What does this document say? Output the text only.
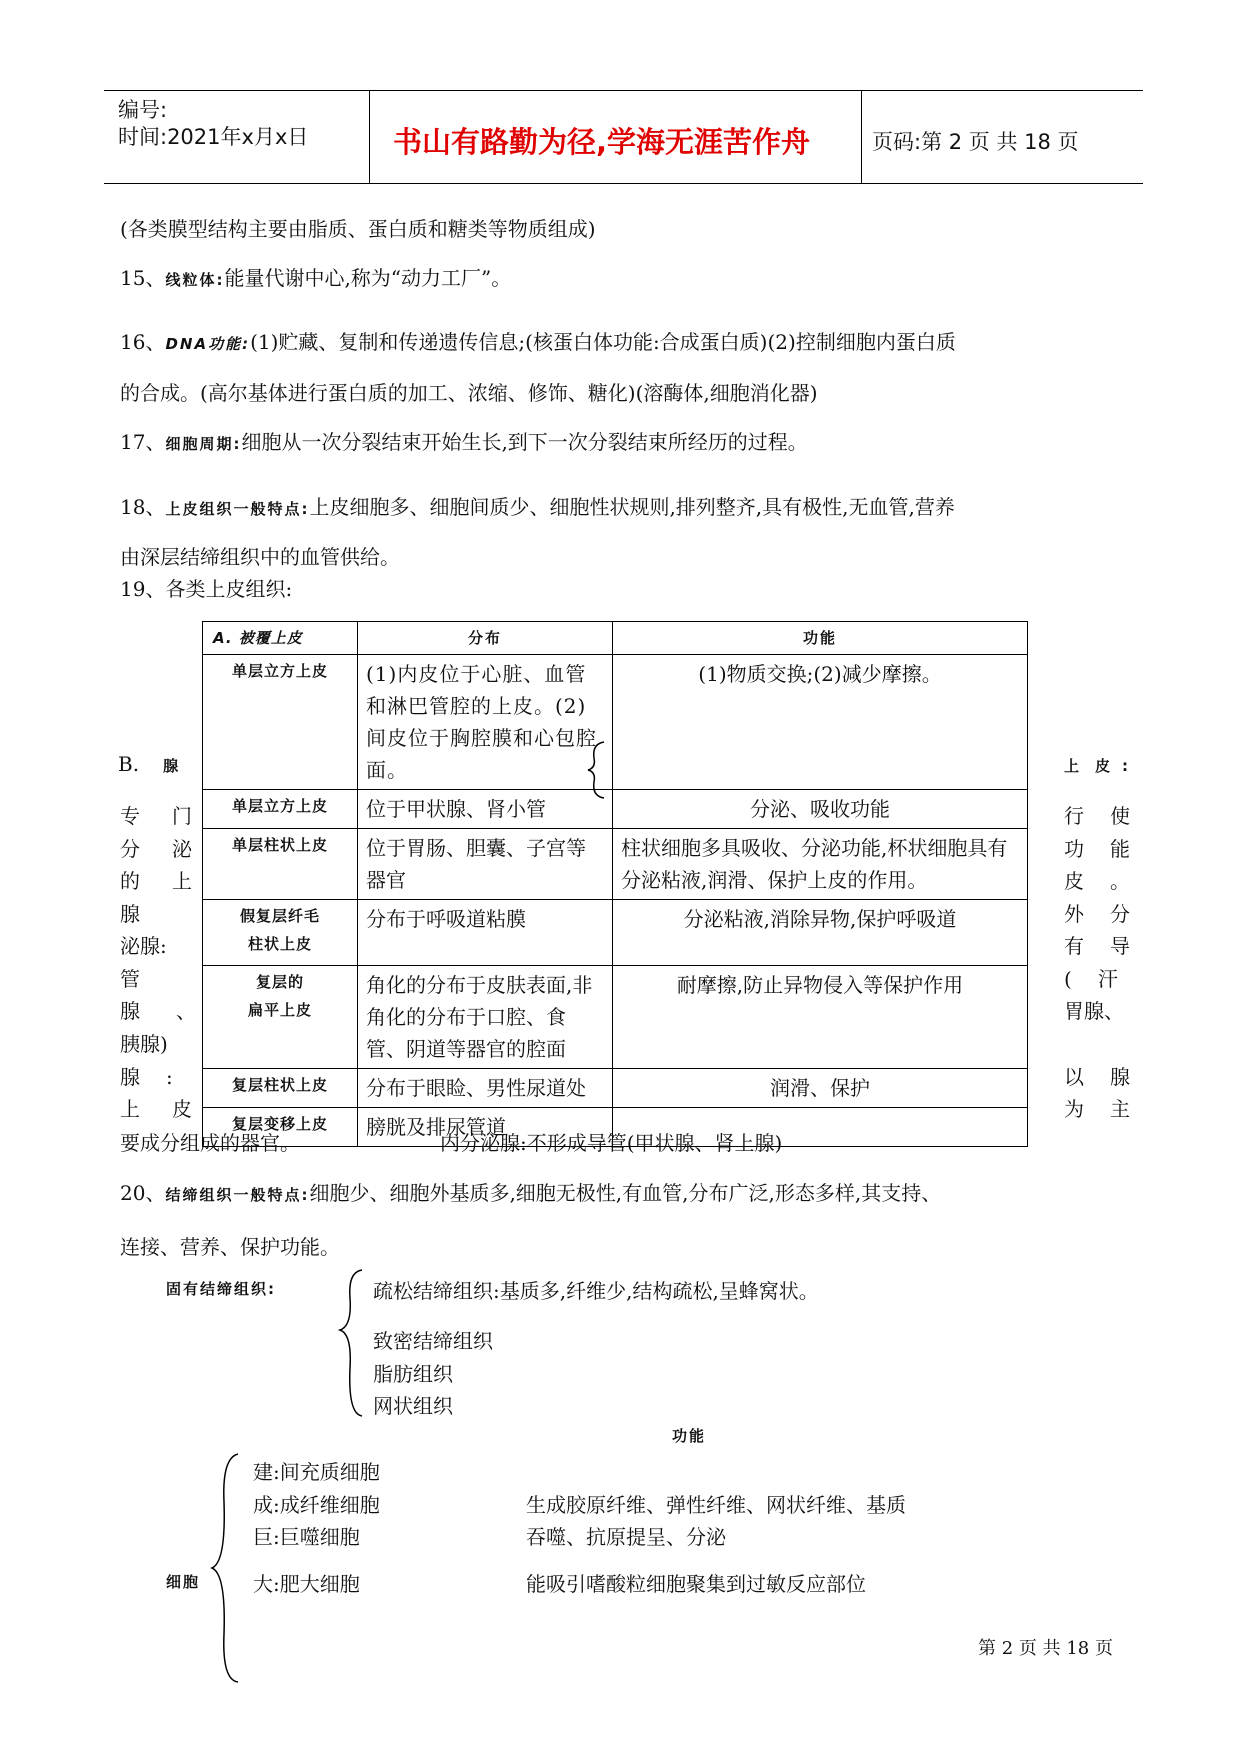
编号:
时间:2021年x月x日	书山有路勤为径,学海无涯苦作舟	页码:第 2 页 共 18 页
(各类膜型结构主要由脂质、蛋白质和糖类等物质组成)
15、线粒体:能量代谢中心,称为“动力工厂”。
16、DNA功能:(1)贮藏、复制和传递遗传信息;(核蛋白体功能:合成蛋白质)(2)控制细胞内蛋白质
的合成。(高尔基体进行蛋白质的加工、浓缩、修饰、糖化)(溶酶体,细胞消化器)
17、细胞周期:细胞从一次分裂结束开始生长,到下一次分裂结束所经历的过程。
18、上皮组织一般特点:上皮细胞多、细胞间质少、细胞性状规则,排列整齐,具有极性,无血管,营养
由深层结缔组织中的血管供给。
19、各类上皮组织:
A. 被覆上皮	分布	功能
单层立方上皮	(1)内皮位于心脏、血管和淋巴管腔的上皮。(2)间皮位于胸腔膜和心包腔面。	(1)物质交换;(2)减少摩擦。
单层立方上皮	位于甲状腺、肾小管	分泌、吸收功能
单层柱状上皮	位于胃肠、胆囊、子宫等器官	柱状细胞多具吸收、分泌功能,杯状细胞具有分泌粘液,润滑、保护上皮的作用。

假复层纤毛
柱状上皮	分布于呼吸道粘膜	分泌粘液,消除异物,保护呼吸道

复层的
扁平上皮	角化的分布于皮肤表面,非角化的分布于口腔、食管、阴道等器官的腔面	耐摩擦,防止异物侵入等保护作用
复层柱状上皮	分布于眼睑、男性尿道处	润滑、保护
复层变移上皮	膀胱及排尿管道	
B. 腺
专 门
分 泌
的 上
腺
泌腺:
管
腺 、
胰腺)
腺 :
上 皮
上 皮 :
行 使
功 能
皮 。
外 分
有 导
( 汗
胃腺、
以 腺
为 主
要成分组成的器官。	内分泌腺:不形成导管(甲状腺、肾上腺)
20、结缔组织一般特点:细胞少、细胞外基质多,细胞无极性,有血管,分布广泛,形态多样,其支持、
连接、营养、保护功能。
固有结缔组织:	疏松结缔组织:基质多,纤维少,结构疏松,呈蜂窝状。
致密结缔组织
脂肪组织
网状组织
功能
细胞
建:间充质细胞
成:成纤维细胞	生成胶原纤维、弹性纤维、网状纤维、基质
巨:巨噬细胞	吞噬、抗原提呈、分泌
大:肥大细胞	能吸引嗜酸粒细胞聚集到过敏反应部位
第 2 页 共 18 页
